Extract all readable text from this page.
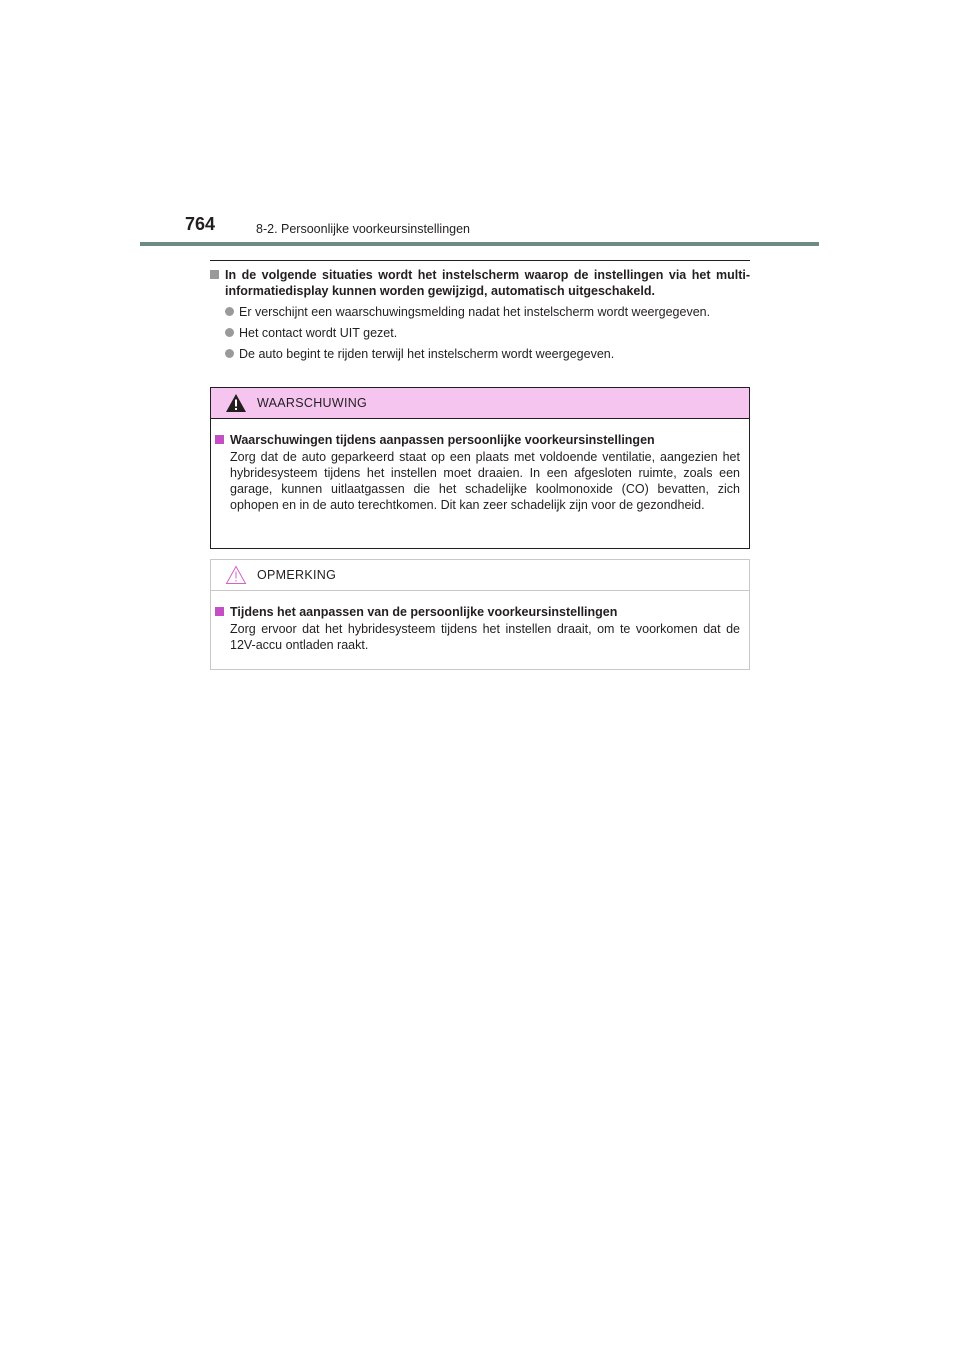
764	8-2. Persoonlijke voorkeursinstellingen
In de volgende situaties wordt het instelscherm waarop de instellingen via het multi-informatiedisplay kunnen worden gewijzigd, automatisch uitgeschakeld.
Er verschijnt een waarschuwingsmelding nadat het instelscherm wordt weergegeven.
Het contact wordt UIT gezet.
De auto begint te rijden terwijl het instelscherm wordt weergegeven.
WAARSCHUWING
Waarschuwingen tijdens aanpassen persoonlijke voorkeursinstellingen
Zorg dat de auto geparkeerd staat op een plaats met voldoende ventilatie, aangezien het hybridesysteem tijdens het instellen moet draaien. In een afgesloten ruimte, zoals een garage, kunnen uitlaatgassen die het schadelijke koolmonoxide (CO) bevatten, zich ophopen en in de auto terechtkomen. Dit kan zeer schadelijk zijn voor de gezondheid.
OPMERKING
Tijdens het aanpassen van de persoonlijke voorkeursinstellingen
Zorg ervoor dat het hybridesysteem tijdens het instellen draait, om te voorkomen dat de 12V-accu ontladen raakt.
